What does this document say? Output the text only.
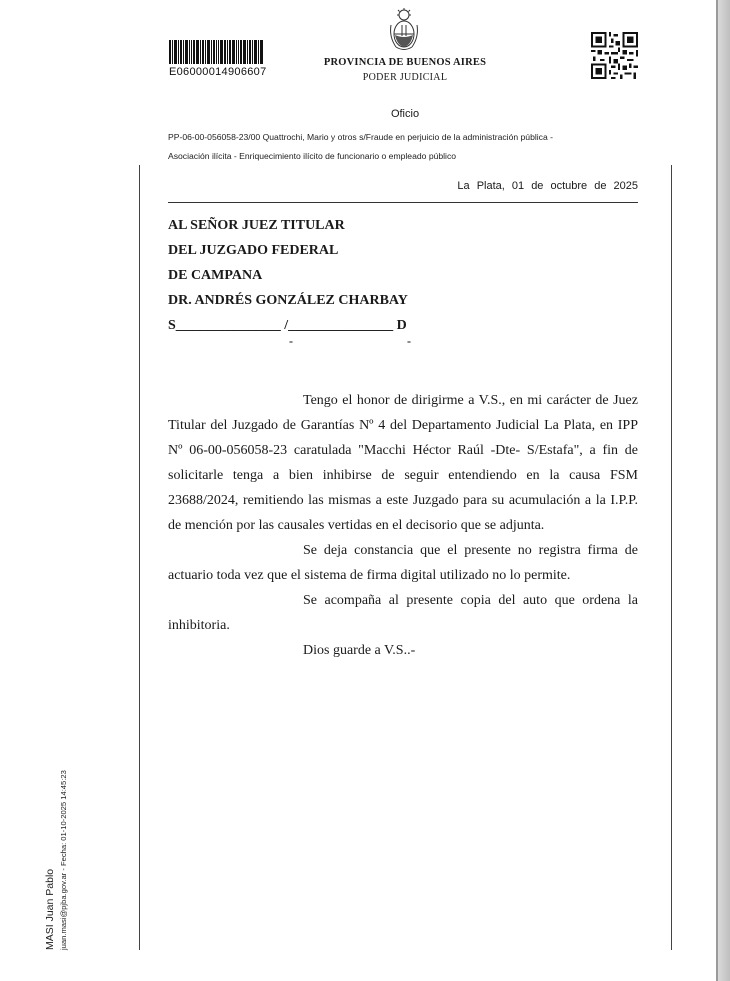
E06000014906607
PROVINCIA DE BUENOS AIRES
PODER JUDICIAL
Oficio
PP-06-00-056058-23/00 Quattrochi, Mario y otros s/Fraude en perjuicio de la administración pública -
Asociación ilícita - Enriquecimiento ilícito de funcionario o empleado público
La Plata, 01 de octubre de 2025
AL SEÑOR JUEZ TITULAR
DEL JUZGADO FEDERAL
DE CAMPANA
DR. ANDRÉS GONZÁLEZ CHARBAY
S_______________ /_______________ D
-	-

Tengo el honor de dirigirme a V.S., en mi carácter de Juez Titular del Juzgado de Garantías Nº 4 del Departamento Judicial La Plata, en IPP Nº 06-00-056058-23 caratulada "Macchi Héctor Raúl -Dte- S/Estafa", a fin de solicitarle tenga a bien inhibirse de seguir entendiendo en la causa FSM 23688/2024, remitiendo las mismas a este Juzgado para su acumulación a la I.P.P. de mención por las causales vertidas en el decisorio que se adjunta.

Se deja constancia que el presente no registra firma de actuario toda vez que el sistema de firma digital utilizado no lo permite.

Se acompaña al presente copia del auto que ordena la inhibitoria.

Dios guarde a V.S..-

MASI Juan Pablo juan.masi@pjba.gov.ar - Fecha: 01-10-2025 14:45:23
